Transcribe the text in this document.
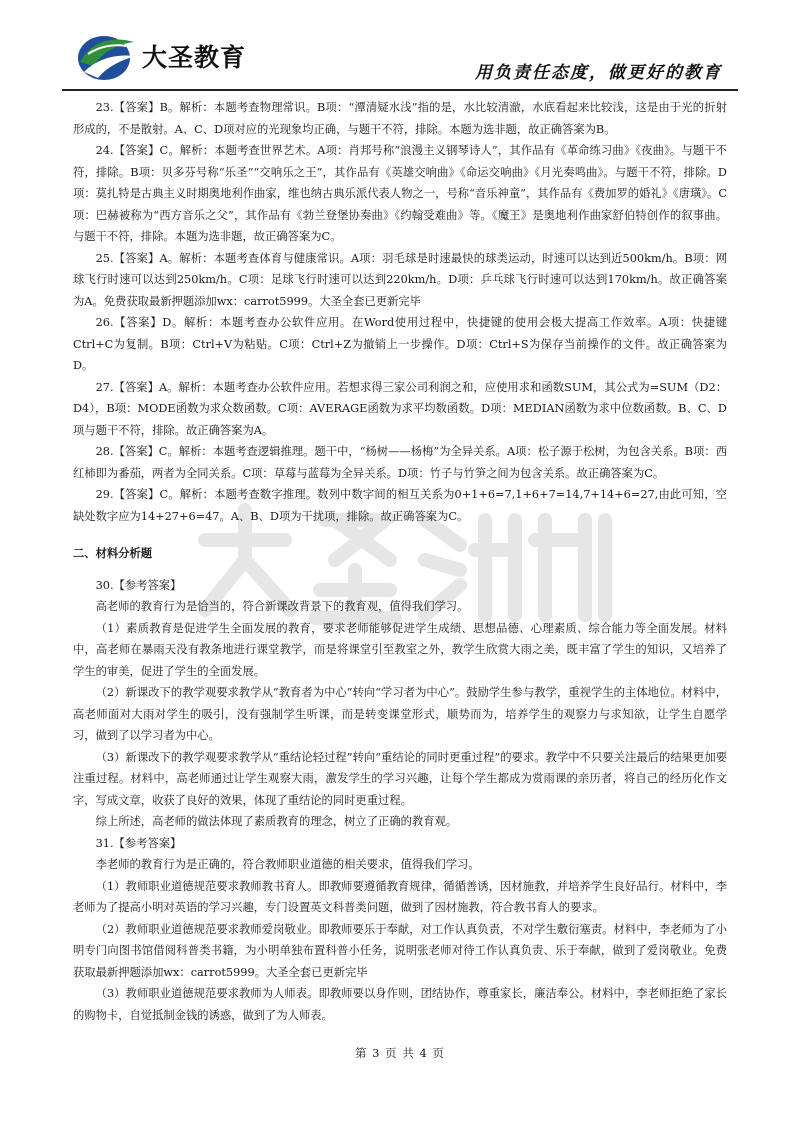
大圣教育
用负责任态度，做更好的教育

23.【答案】B。解析：本题考查物理常识。B项：“潭清疑水浅”指的是，水比较清澈，水底看起来比较浅，这是由于光的折射形成的，不是散射。A、C、D项对应的光现象均正确，与题干不符，排除。本题为选非题，故正确答案为B。

24.【答案】C。解析：本题考查世界艺术。A项：肖邦号称“浪漫主义钢琴诗人”，其作品有《革命练习曲》《夜曲》。与题干不符，排除。B项：贝多芬号称“乐圣”“交响乐之王”，其作品有《英雄交响曲》《命运交响曲》《月光奏鸣曲》。与题干不符，排除。D项：莫扎特是古典主义时期奥地利作曲家，维也纳古典乐派代表人物之一，号称“音乐神童”，其作品有《费加罗的婚礼》《唐璜》。C项：巴赫被称为“西方音乐之父”，其作品有《勃兰登堡协奏曲》《约翰受难曲》等。《魔王》是奥地利作曲家舒伯特创作的叙事曲。与题干不符，排除。本题为选非题，故正确答案为C。

25.【答案】A。解析：本题考查体育与健康常识。A项：羽毛球是时速最快的球类运动，时速可以达到近500km/h。B项：网球飞行时速可以达到250km/h。C项：足球飞行时速可以达到220km/h。D项：乒乓球飞行时速可以达到170km/h。故正确答案为A。免费获取最新押题添加wx：carrot5999。大圣全套已更新完毕

26.【答案】D。解析：本题考查办公软件应用。在Word使用过程中，快捷键的使用会极大提高工作效率。A项：快捷键Ctrl+C为复制。B项：Ctrl+V为粘贴。C项：Ctrl+Z为撤销上一步操作。D项：Ctrl+S为保存当前操作的文件。故正确答案为D。

27.【答案】A。解析：本题考查办公软件应用。若想求得三家公司利润之和，应使用求和函数SUM，其公式为=SUM（D2：D4），B项：MODE函数为求众数函数。C项：AVERAGE函数为求平均数函数。D项：MEDIAN函数为求中位数函数。B、C、D项与题干不符，排除。故正确答案为A。

28.【答案】C。解析：本题考查逻辑推理。题干中，“杨树——杨梅”为全异关系。A项：松子源于松树，为包含关系。B项：西红柿即为番茄，两者为全同关系。C项：草莓与蓝莓为全异关系。D项：竹子与竹笋之间为包含关系。故正确答案为C。

29.【答案】C。解析：本题考查数字推理。数列中数字间的相互关系为0+1+6=7,1+6+7=14,7+14+6=27,由此可知，空缺处数字应为14+27+6=47。A、B、D项为干扰项，排除。故正确答案为C。

二、材料分析题

30.【参考答案】

高老师的教育行为是恰当的，符合新课改背景下的教育观，值得我们学习。

（1）素质教育是促进学生全面发展的教育，要求老师能够促进学生成绩、思想品德、心理素质、综合能力等全面发展。材料中，高老师在暴雨天没有教条地进行课堂教学，而是将课堂引至教室之外，教学生欣赏大雨之美，既丰富了学生的知识，又培养了学生的审美，促进了学生的全面发展。

（2）新课改下的教学观要求教学从“教育者为中心”转向“学习者为中心”。鼓励学生参与教学，重视学生的主体地位。材料中，高老师面对大雨对学生的吸引，没有强制学生听课，而是转变课堂形式，顺势而为，培养学生的观察力与求知欲，让学生自愿学习，做到了以学习者为中心。

（3）新课改下的教学观要求教学从“重结论轻过程”转向“重结论的同时更重过程”的要求。教学中不只要关注最后的结果更加要注重过程。材料中，高老师通过让学生观察大雨，激发学生的学习兴趣，让每个学生都成为赏雨课的亲历者，将自己的经历化作文字，写成文章，收获了良好的效果，体现了重结论的同时更重过程。

综上所述，高老师的做法体现了素质教育的理念，树立了正确的教育观。

31.【参考答案】

李老师的教育行为是正确的，符合教师职业道德的相关要求，值得我们学习。

（1）教师职业道德规范要求教师教书育人。即教师要遵循教育规律，循循善诱，因材施教，并培养学生良好品行。材料中，李老师为了提高小明对英语的学习兴趣，专门设置英文科普类问题，做到了因材施教，符合教书育人的要求。

（2）教师职业道德规范要求教师爱岗敬业。即教师要乐于奉献，对工作认真负责，不对学生敷衍塞责。材料中，李老师为了小明专门向图书馆借阅科普类书籍，为小明单独布置科普小任务，说明张老师对待工作认真负责、乐于奉献，做到了爱岗敬业。免费获取最新押题添加wx：carrot5999。大圣全套已更新完毕

（3）教师职业道德规范要求教师为人师表。即教师要以身作则，团结协作，尊重家长，廉洁奉公。材料中，李老师拒绝了家长的购物卡，自觉抵制金钱的诱惑，做到了为人师表。

第 3 页 共 4 页
